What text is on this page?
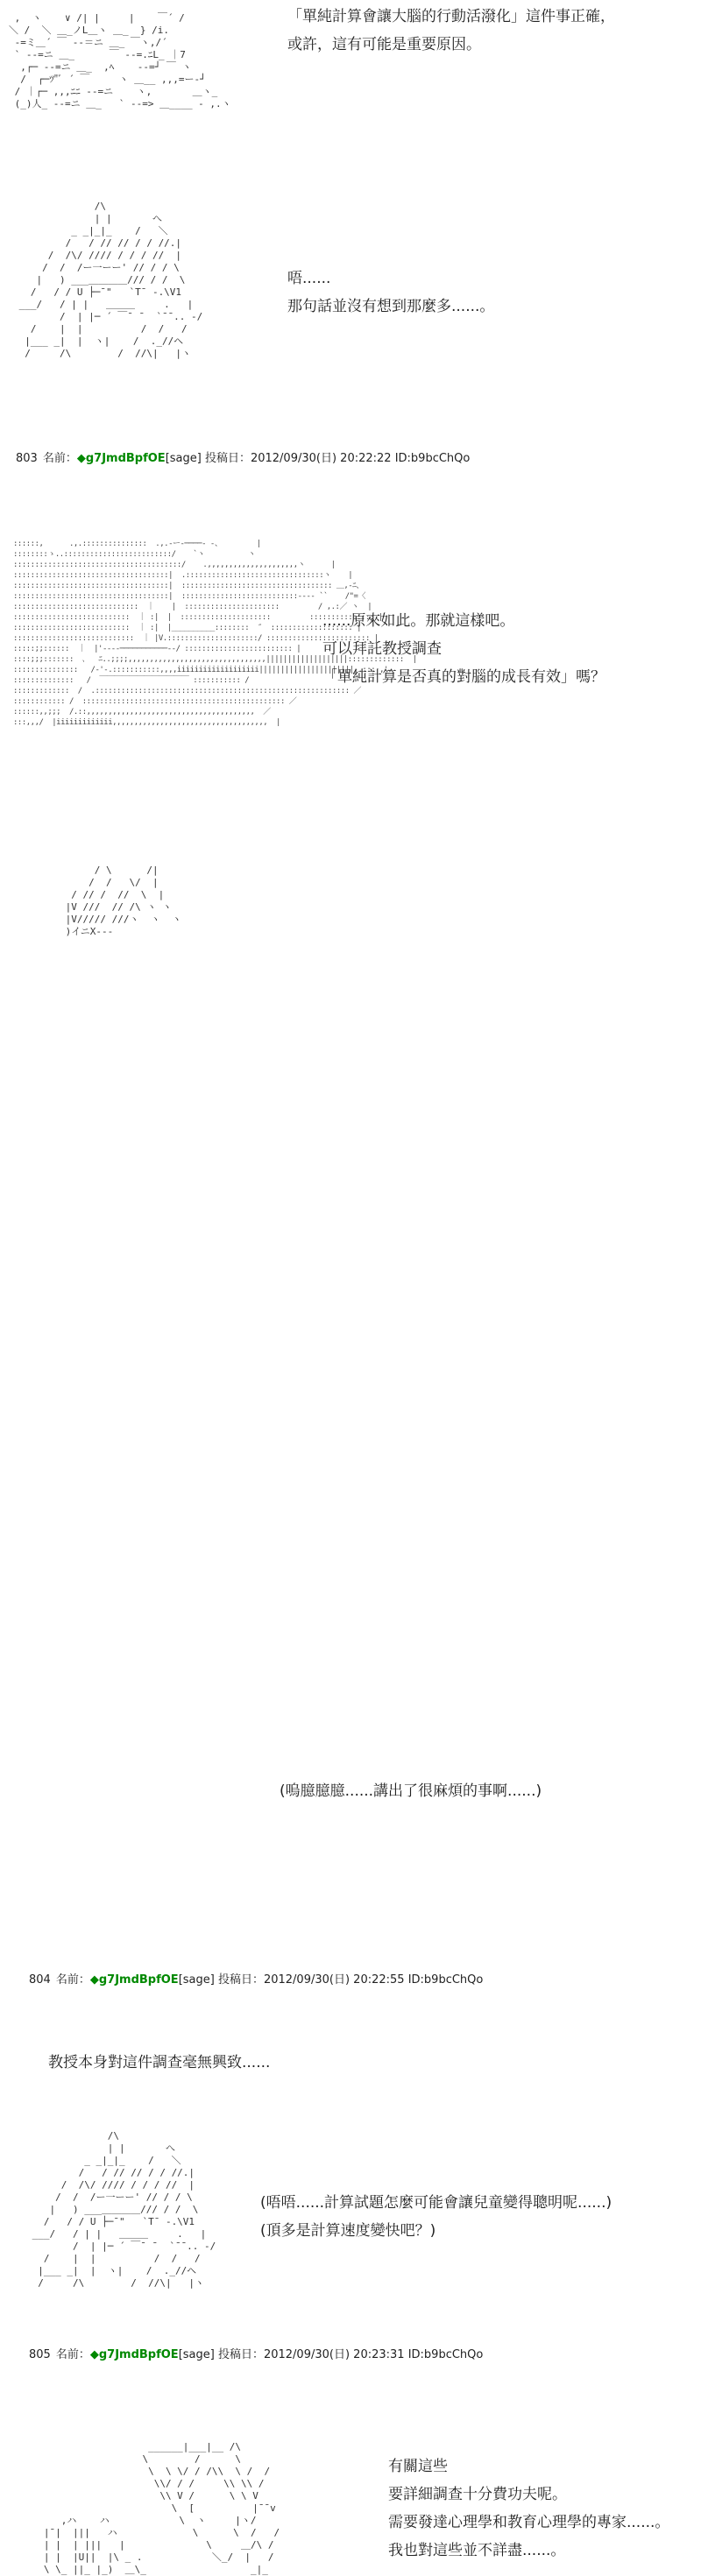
,  ヽ    ∨ /| |     |    ￣´ /
＼ /  ＼ ＿_ノL＿ヽ ＿_  } /i.
‐=ミ＿´ ￣ ‐-＝ニ ＿_ ￣ヽ,/´
` ‐-=ニ ＿_      ￣ ‐-=.ﾆL_ ｜7
,┌─ ‐-=ニ ＿_  ,ﾍ    ‐-=┘ ￣ ヽ
/  ┌─ﾂ"ﾞ ´ ￣     ヽ ＿__ ,,,=ー-┘
/ ｜┌─ ,,,ﾆﾆ ‐-=ニ    ヽ,       ＿ヽ_
(_)人_ ‐-=ニ ＿_   ` ‐-=> ＿____ ‐ ,.ヽ

「單純計算會讓大腦的行動活潑化」這件事正確，
或許，這有可能是重要原因。

/\
| |       へ
_ _|_|_    /   ＼
/   / // // / / //.|
/  /\/ //// / / / //  |
/  /  /ー一ーー' // / / \
|   ) ___＿＿＿＿/// / /  \
/   / / U ├─¯"   `T¯ ‐.\V1
___/   / | |   ＿＿＿     .   |
/  | |─ ´ ￣¯ ¯  `¯¯.. ‐/
/    |  |          /  /   /
|___ _|  |  ヽ|    /  ._//ヘ
/     /\        /  //\|   |ヽ

唔......
那句話並沒有想到那麼多......。
803 名前：◆g7JmdBpfOE[sage] 投稿日：2012/09/30(日) 20:22:22 ID:b9bcChQo

::::::,      .,.:::::::::::::::  .,.-ー-────‐ ‐、        |
::::::::ゝ..:::::::::::::::::::::::::/    `ヽ          ヽ
:::::::::::::::::::::::::::::::::::::::/    .,,,,,,,,,,,,,,,,,,,,,ヽ      |
::::::::::::::::::::::::::::::::::::|  .::::::::::::::::::::::::::::::::ヽ    |
::::::::::::::::::::::::::::::::::::|  ::::::::::::::::::::::::::::::::::: ＿,-ﾆ、
::::::::::::::::::::::::::::::::::::|  :::::::::::::::::::::::::::--‐‐ ``    /"=〈
:::::::::::::::::::::::::::::  ｜    |  ::::::::::::::::::::::         / ,.:／ ヽ  |
:::::::::::::::::::::::::::  ｜ :|  |  :::::::::::::::::::::         ::::::::::::::: |
:::::::::::::::::::::::::::  ｜ :|  |__________::::::::  ″  ::::::::::::::::::: |
::::::::::::::::::::::::::::  ｜ |V.:::::::::::::::::::::/ :::::::::::::::::::::::: |
:::::;;::::::  ｜  |'‐‐‐‐───────────‐‐/ ::::::::::::::::::::::::: |
::::;;;:::::::  ､   ﾆ..;;;;,,,,,,,,,,,,,,,,,,,,,,,,,,,,,,,,|||||||||||||||||||:::::::::::::  |
:::::::::::::::   /‐'-.:::::::::::,,,,iiiiiiiiiiiiiiiiiii||||||||||||||||||||||,.::: ,'
::::::::::::::   /  ￣￣￣￣￣￣￣￣￣￣￣￣ ::::::::::: /
:::::::::::::  /  .::::::::::::::::::::::::::::::::::::::::::::::::::::::::::: ／
:::::::::::: /  ::::::::::::::::::::::::::::::::::::::::::::::: ／
::::::,,;;;  /.::,,,,,,,,,,,,,,,,,,,,,,,,,,,,,,,,,,,,,,,  ／
:::,,,/  |iiiiiiiiiiiii,,,,,,,,,,,,,,,,,,,,,,,,,,,,,,,,,,,,  |

......原來如此。那就這樣吧。
可以拜託教授調查
「單純計算是否真的對腦的成長有效」嗎？

/ \      /|
/  /   \/  |
/ // /  //  \  |
|V ///  // /\ ヽ ヽ
|V///// ///ヽ  ヽ  ヽ
)イニX---

(嗚臆臆臆......講出了很麻煩的事啊......)

804 名前：◆g7JmdBpfOE[sage] 投稿日：2012/09/30(日) 20:22:55 ID:b9bcChQo

教授本身對這件調查毫無興致......

/\
| |       へ
_ _|_|_    /   ＼
/   / // // / / //.|
/  /\/ //// / / / //  |
/  /  /ー一ーー' // / / \
|   ) ___＿＿＿＿/// / /  \
/   / / U ├─¯"   `T¯ ‐.\V1
___/   / | |   ＿＿＿     .   |
/  | |─ ´ ￣¯ ¯  `¯¯.. ‐/
/    |  |          /  /   /
|___ _|  |  ヽ|    /  ._//ヘ
/     /\        /  //\|   |ヽ

(唔唔......計算試題怎麼可能會讓兒童變得聰明呢......)
(頂多是計算速度變快吧？)

805 名前：◆g7JmdBpfOE[sage] 投稿日：2012/09/30(日) 20:23:31 ID:b9bcChQo

______|___|__ /\
\        /      \
\  \ \/ / /\\  \ /  /
\\/ / /     \\ \\ /
\\ V /      \ \ V
\  [          |¯¯v
,ハ    ハ            \  ヽ     |ヽ/
|¯|  |||   ハ             \      \  /   /
| |  | |||   |              \     ＿/\ /
| |  |U||  |\ _ .            ＼_/  |   /
\ \_ ||_ |_)  ＿\_                  _|_

有關這些
要詳細調查十分費功夫呢。
需要發達心理學和教育心理學的專家......。
我也對這些並不詳盡......。
